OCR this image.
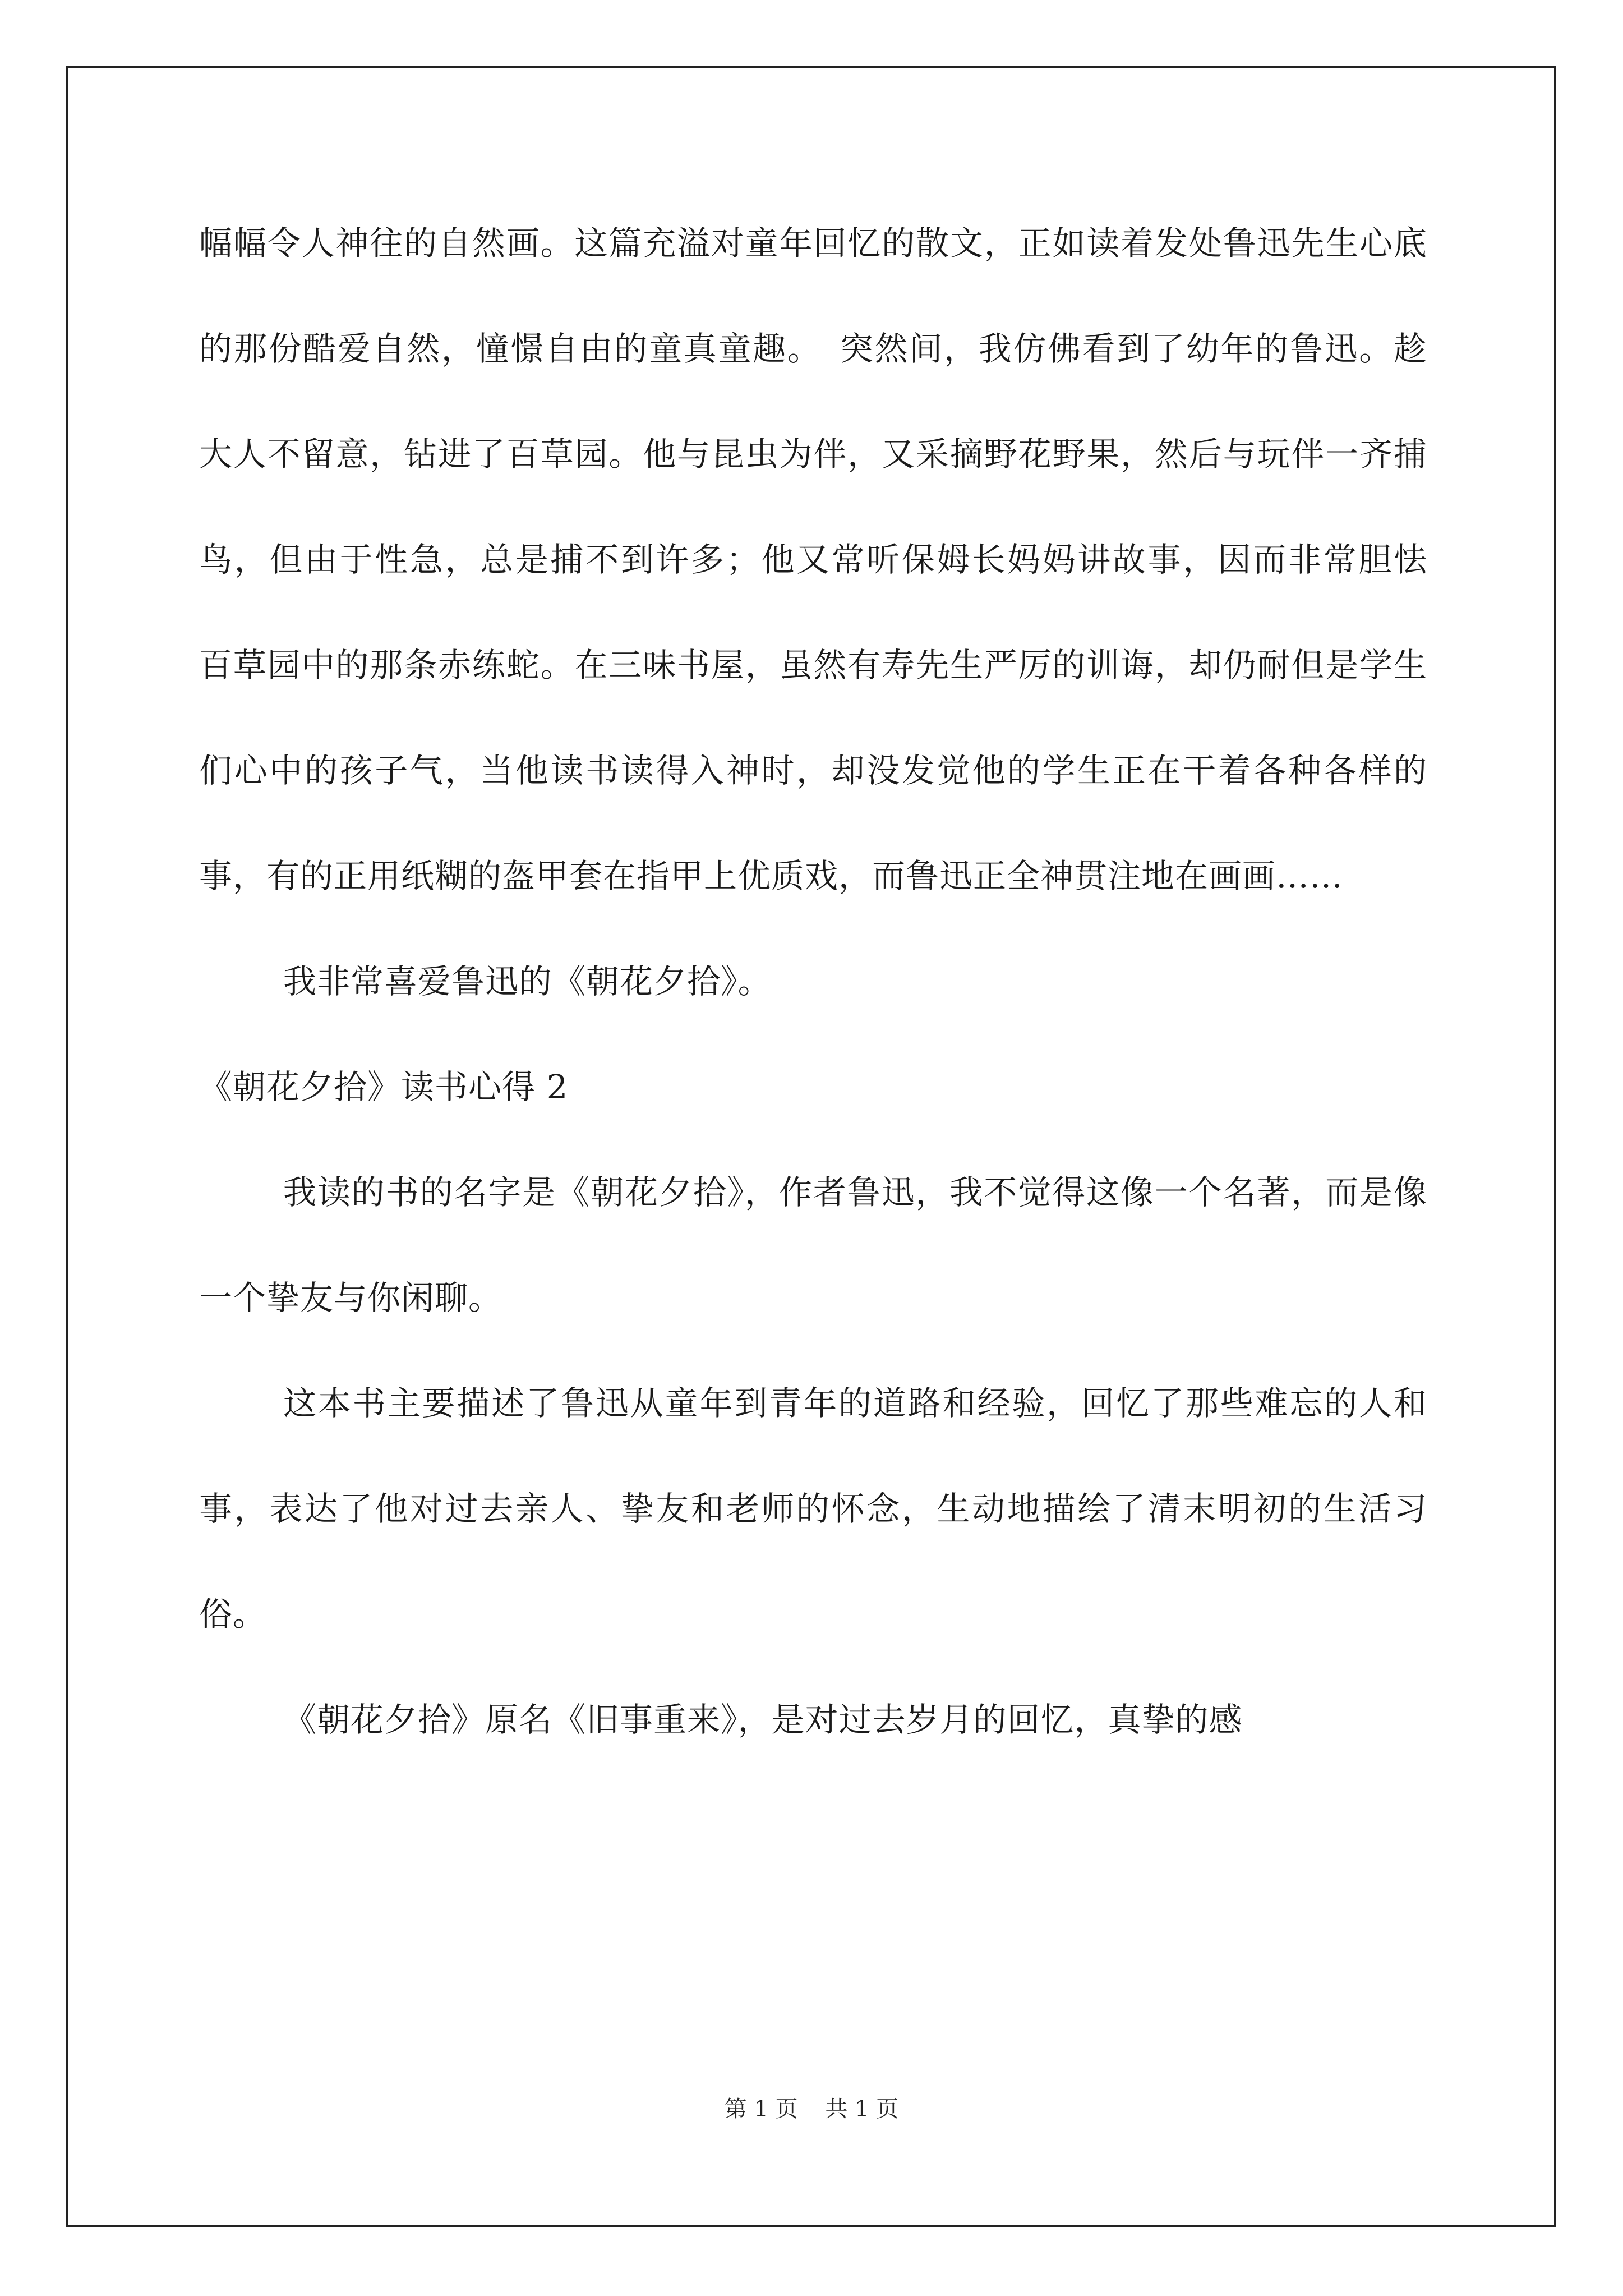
幅幅令人神往的自然画。这篇充溢对童年回忆的散文，正如读着发处鲁迅先生心底的那份酷爱自然，憧憬自由的童真童趣。　突然间，我仿佛看到了幼年的鲁迅。趁大人不留意，钻进了百草园。他与昆虫为伴，又采摘野花野果，然后与玩伴一齐捕鸟，但由于性急，总是捕不到许多；他又常听保姆长妈妈讲故事，因而非常胆怯　百草园中的那条赤练蛇。在三味书屋，虽然有寿先生严厉的训诲，却仍耐但是学生们心中的孩子气，当他读书读得入神时，却没发觉他的学生正在干着各种各样的事，有的正用纸糊的盔甲套在指甲上优质戏，而鲁迅正全神贯注地在画画……

我非常喜爱鲁迅的《朝花夕拾》。

《朝花夕拾》读书心得 2

我读的书的名字是《朝花夕拾》，作者鲁迅，我不觉得这像一个名著，而是像一个挚友与你闲聊。

这本书主要描述了鲁迅从童年到青年的道路和经验，回忆了那些难忘的人和事，表达了他对过去亲人、挚友和老师的怀念，生动地描绘了清末明初的生活习俗。

《朝花夕拾》原名《旧事重来》，是对过去岁月的回忆，真挚的感

第 1 页 共 1 页
